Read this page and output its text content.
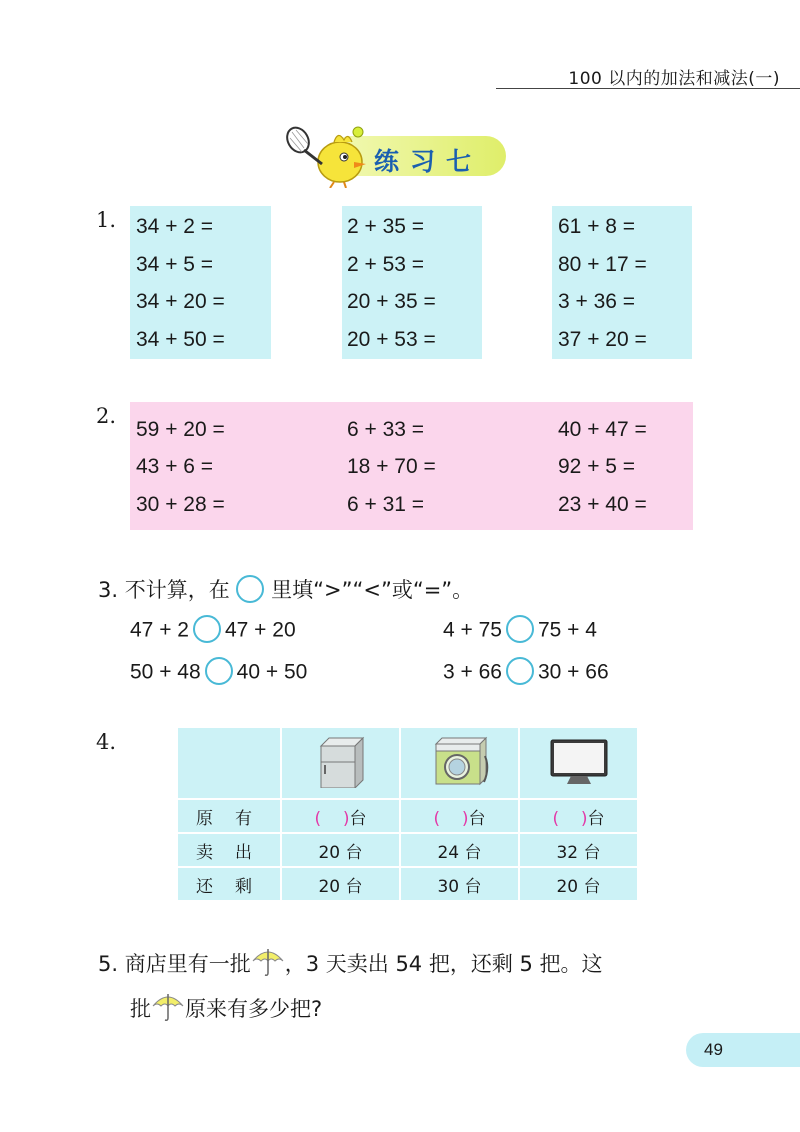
100 以内的加法和减法(一)
练习七
1. 34 + 2 =
34 + 5 =
34 + 20 =
34 + 50 =
2 + 35 =
2 + 53 =
20 + 35 =
20 + 53 =
61 + 8 =
80 + 17 =
3 + 36 =
37 + 20 =
2.
59 + 20 =
43 + 6 =
30 + 28 =
6 + 33 =
18 + 70 =
6 + 31 =
40 + 47 =
92 + 5 =
23 + 40 =
3. 不计算，在 里填“>”“<”或“=”。
47 + 2 47 + 20	4 + 75 75 + 4
50 + 48 40 + 50	3 + 66 30 + 66
4.

原有	( )台	( )台	( )台
卖出	20 台	24 台	32 台
还剩	20 台	30 台	20 台
5. 商店里有一批 ，3 天卖出 54 把，还剩 5 把。这
批 原来有多少把?
49
